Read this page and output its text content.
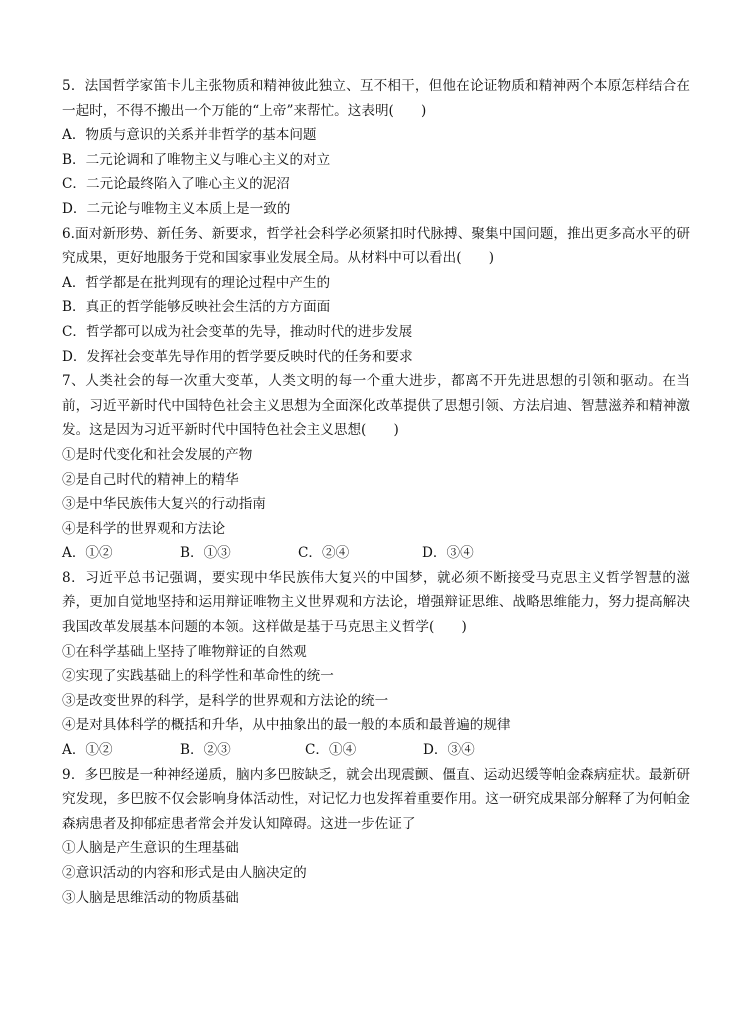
5．法国哲学家笛卡儿主张物质和精神彼此独立、互不相干，但他在论证物质和精神两个本原怎样结合在一起时，不得不搬出一个万能的“上帝”来帮忙。这表明(　　)
A．物质与意识的关系并非哲学的基本问题
B．二元论调和了唯物主义与唯心主义的对立
C．二元论最终陷入了唯心主义的泥沼
D．二元论与唯物主义本质上是一致的
6.面对新形势、新任务、新要求，哲学社会科学必须紧扣时代脉搏、聚集中国问题，推出更多高水平的研究成果，更好地服务于党和国家事业发展全局。从材料中可以看出(　　)
A．哲学都是在批判现有的理论过程中产生的
B．真正的哲学能够反映社会生活的方方面面
C．哲学都可以成为社会变革的先导，推动时代的进步发展
D．发挥社会变革先导作用的哲学要反映时代的任务和要求
7、人类社会的每一次重大变革，人类文明的每一个重大进步，都离不开先进思想的引领和驱动。在当前，习近平新时代中国特色社会主义思想为全面深化改革提供了思想引领、方法启迪、智慧滋养和精神激发。这是因为习近平新时代中国特色社会主义思想(　　)
①是时代变化和社会发展的产物
②是自己时代的精神上的精华
③是中华民族伟大复兴的行动指南
④是科学的世界观和方法论
A．①②	B．①③	C．②④	D．③④
8．习近平总书记强调，要实现中华民族伟大复兴的中国梦，就必须不断接受马克思主义哲学智慧的滋养，更加自觉地坚持和运用辩证唯物主义世界观和方法论，增强辩证思维、战略思维能力，努力提高解决我国改革发展基本问题的本领。这样做是基于马克思主义哲学(　　)
①在科学基础上坚持了唯物辩证的自然观
②实现了实践基础上的科学性和革命性的统一
③是改变世界的科学，是科学的世界观和方法论的统一
④是对具体科学的概括和升华，从中抽象出的最一般的本质和最普遍的规律
A．①②	B．②③	C．①④	D．③④
9．多巴胺是一种神经递质，脑内多巴胺缺乏，就会出现震颤、僵直、运动迟缓等帕金森病症状。最新研究发现，多巴胺不仅会影响身体活动性，对记忆力也发挥着重要作用。这一研究成果部分解释了为何帕金森病患者及抑郁症患者常会并发认知障碍。这进一步佐证了
①人脑是产生意识的生理基础
②意识活动的内容和形式是由人脑决定的
③人脑是思维活动的物质基础
